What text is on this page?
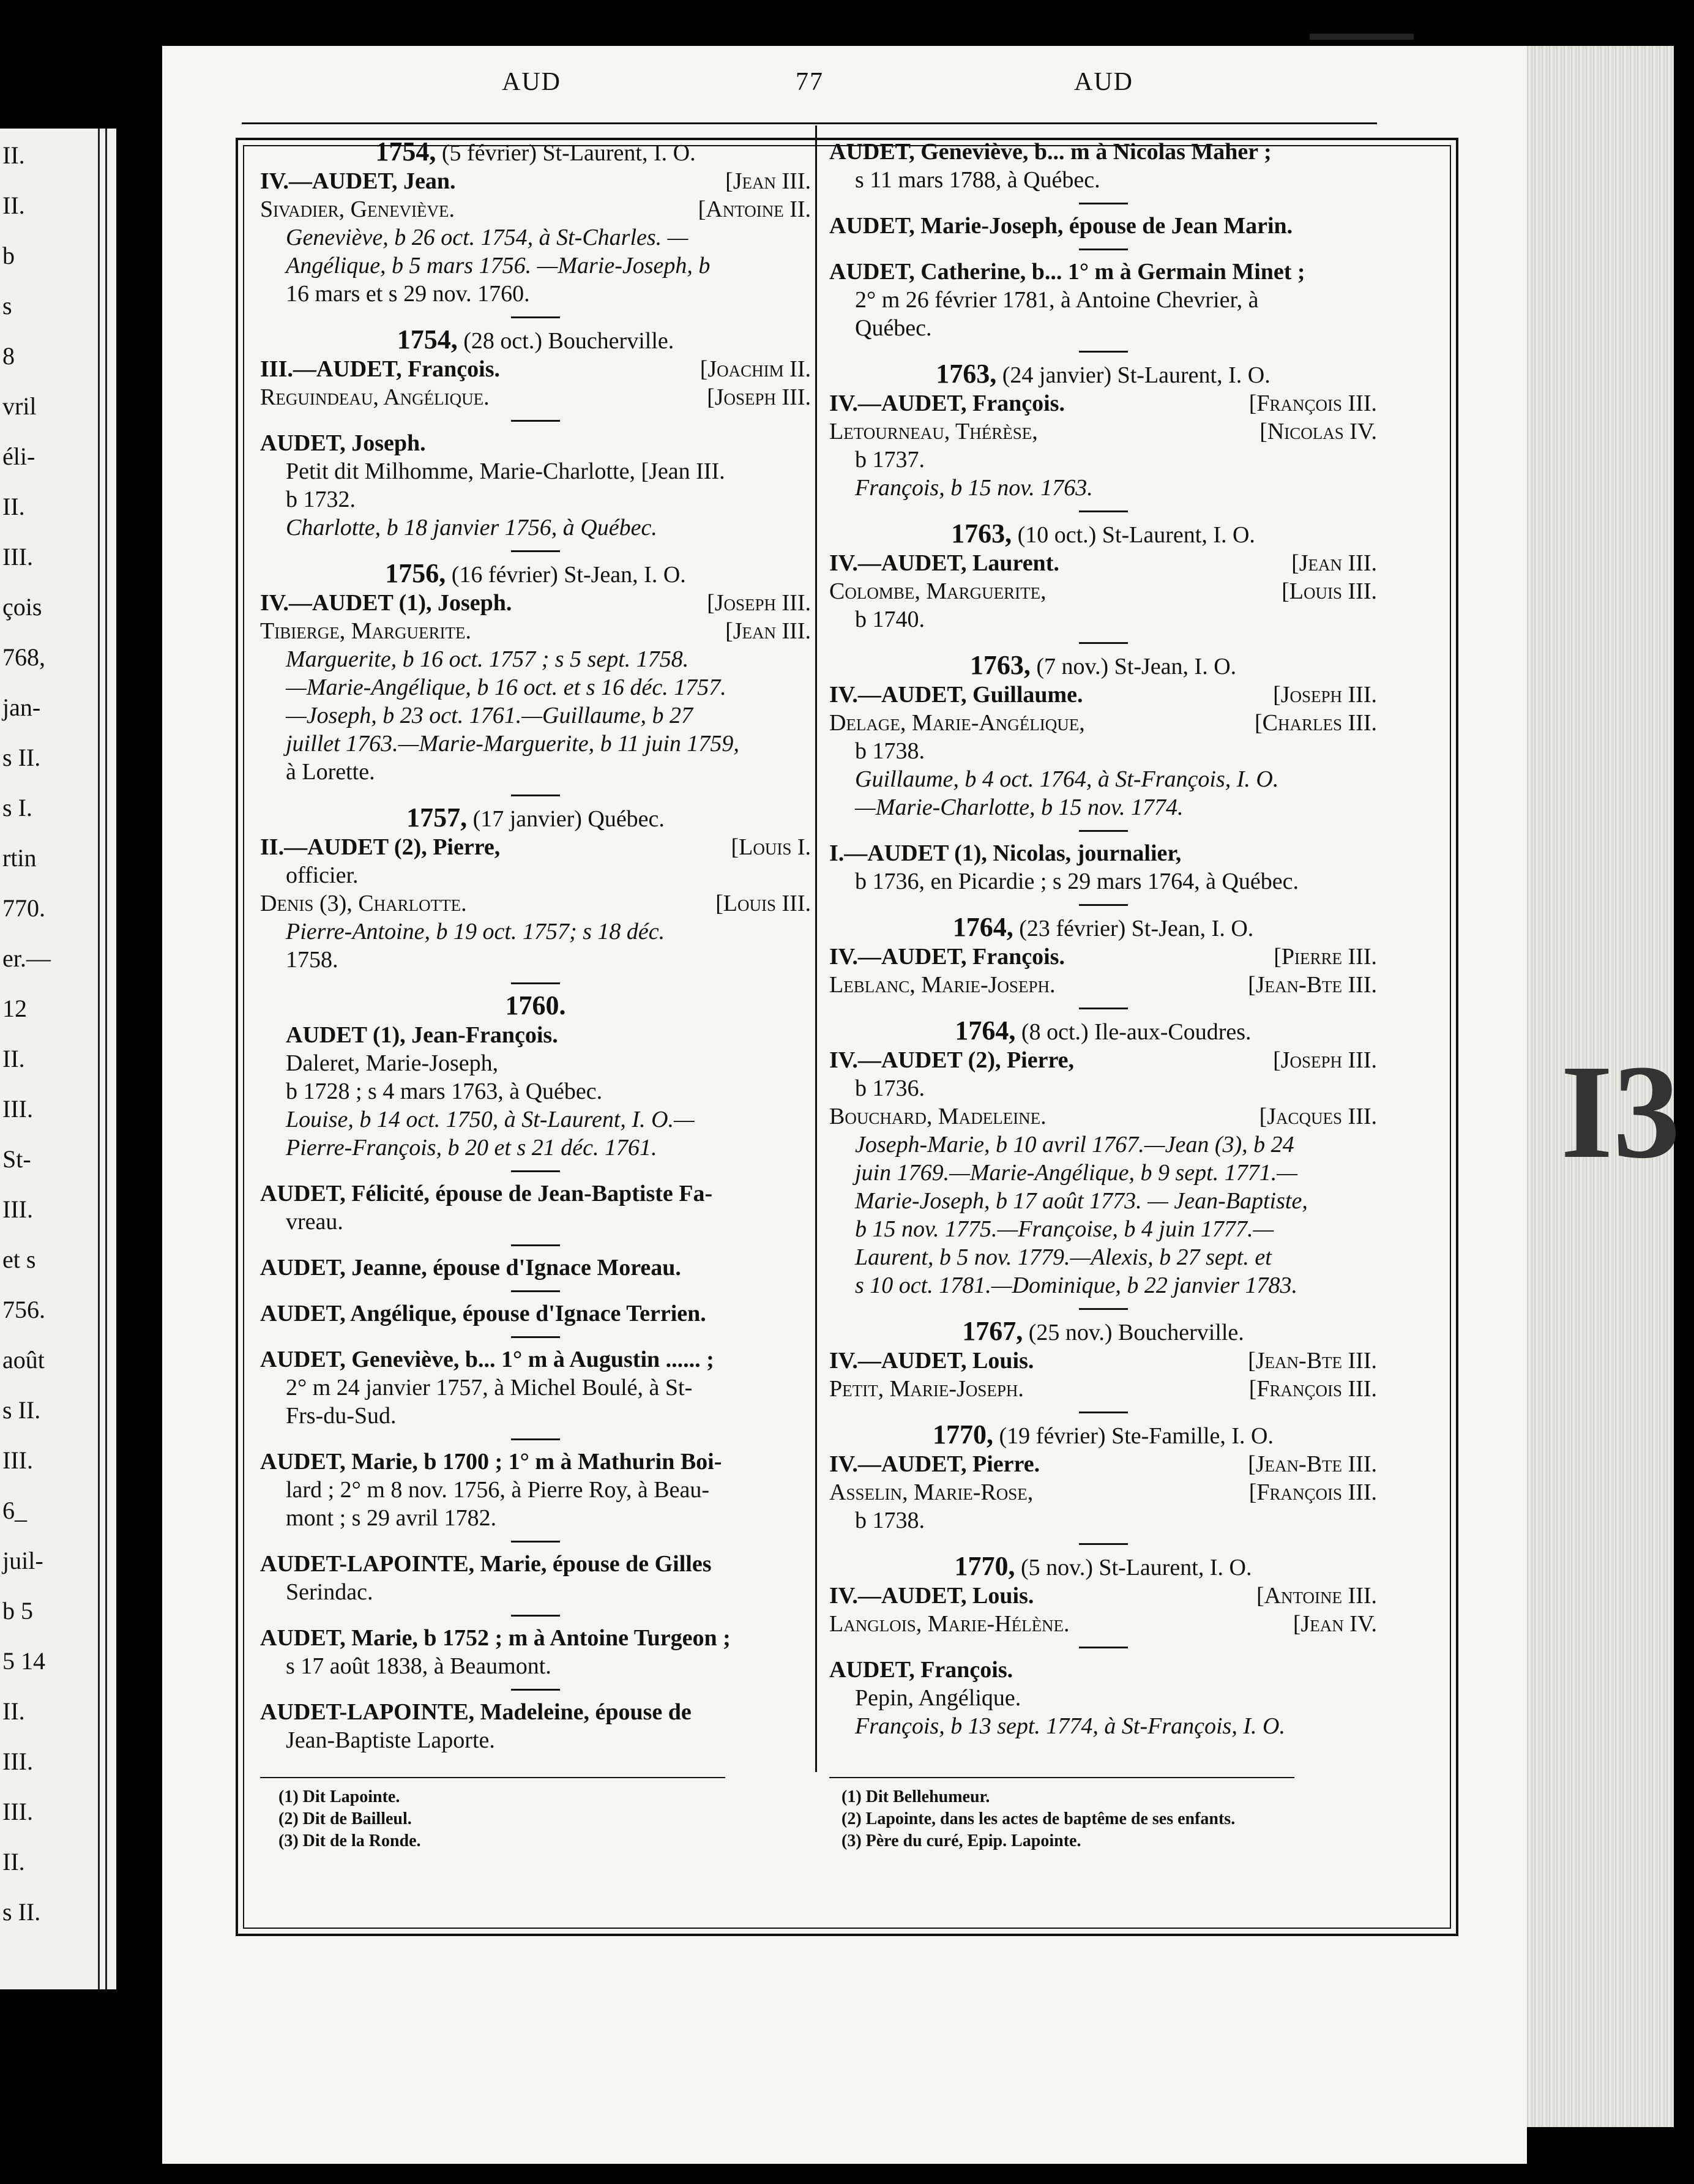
II.
II.
b
s
8
vril
éli-
II.
III.
çois
768,
jan-
s II.
s I.
rtin
770.
er.—
12
II.
III.
St-
III.
et s
756.
août
s II.
III.
6_
juil-
b 5
5 14
II.
III.
III.
II.
s II.
AUD	77	AUD

1754, (5 février) St-Laurent, I. O.

IV.—AUDET, Jean.	[Jean III.
Sivadier, Geneviève.	[Antoine II.

Geneviève, b 26 oct. 1754, à St-Charles. —

Angélique, b 5 mars 1756. —Marie-Joseph, b

16 mars et s 29 nov. 1760.

1754, (28 oct.) Boucherville.

III.—AUDET, François.	[Joachim II.
Reguindeau, Angélique.	[Joseph III.

AUDET, Joseph.

Petit dit Milhomme, Marie-Charlotte, [Jean III.

b 1732.

Charlotte, b 18 janvier 1756, à Québec.

1756, (16 février) St-Jean, I. O.

IV.—AUDET (1), Joseph.	[Joseph III.
Tibierge, Marguerite.	[Jean III.

Marguerite, b 16 oct. 1757 ; s 5 sept. 1758.

—Marie-Angélique, b 16 oct. et s 16 déc. 1757.

—Joseph, b 23 oct. 1761.—Guillaume, b 27

juillet 1763.—Marie-Marguerite, b 11 juin 1759,

à Lorette.

1757, (17 janvier) Québec.

II.—AUDET (2), Pierre,	[Louis I.

officier.

Denis (3), Charlotte.	[Louis III.

Pierre-Antoine, b 19 oct. 1757; s 18 déc.

1758.

1760.

AUDET (1), Jean-François.

Daleret, Marie-Joseph,

b 1728 ; s 4 mars 1763, à Québec.

Louise, b 14 oct. 1750, à St-Laurent, I. O.—

Pierre-François, b 20 et s 21 déc. 1761.

AUDET, Félicité, épouse de Jean-Baptiste Fa-

vreau.

AUDET, Jeanne, épouse d'Ignace Moreau.

AUDET, Angélique, épouse d'Ignace Terrien.

AUDET, Geneviève, b... 1° m à Augustin ...... ;

2° m 24 janvier 1757, à Michel Boulé, à St-

Frs-du-Sud.

AUDET, Marie, b 1700 ; 1° m à Mathurin Boi-

lard ; 2° m 8 nov. 1756, à Pierre Roy, à Beau-

mont ; s 29 avril 1782.

AUDET-LAPOINTE, Marie, épouse de Gilles

Serindac.

AUDET, Marie, b 1752 ; m à Antoine Turgeon ;

s 17 août 1838, à Beaumont.

AUDET-LAPOINTE, Madeleine, épouse de

Jean-Baptiste Laporte.

AUDET, Geneviève, b... m à Nicolas Maher ;

s 11 mars 1788, à Québec.

AUDET, Marie-Joseph, épouse de Jean Marin.

AUDET, Catherine, b... 1° m à Germain Minet ;

2° m 26 février 1781, à Antoine Chevrier, à

Québec.

1763, (24 janvier) St-Laurent, I. O.

IV.—AUDET, François.	[François III.
Letourneau, Thérèse,	[Nicolas IV.

b 1737.

François, b 15 nov. 1763.

1763, (10 oct.) St-Laurent, I. O.

IV.—AUDET, Laurent.	[Jean III.
Colombe, Marguerite,	[Louis III.

b 1740.

1763, (7 nov.) St-Jean, I. O.

IV.—AUDET, Guillaume.	[Joseph III.
Delage, Marie-Angélique,	[Charles III.

b 1738.

Guillaume, b 4 oct. 1764, à St-François, I. O.

—Marie-Charlotte, b 15 nov. 1774.

I.—AUDET (1), Nicolas, journalier,

b 1736, en Picardie ; s 29 mars 1764, à Québec.

1764, (23 février) St-Jean, I. O.

IV.—AUDET, François.	[Pierre III.
Leblanc, Marie-Joseph.	[Jean-Bte III.

1764, (8 oct.) Ile-aux-Coudres.

IV.—AUDET (2), Pierre,	[Joseph III.

b 1736.

Bouchard, Madeleine.	[Jacques III.

Joseph-Marie, b 10 avril 1767.—Jean (3), b 24

juin 1769.—Marie-Angélique, b 9 sept. 1771.—

Marie-Joseph, b 17 août 1773. — Jean-Baptiste,

b 15 nov. 1775.—Françoise, b 4 juin 1777.—

Laurent, b 5 nov. 1779.—Alexis, b 27 sept. et

s 10 oct. 1781.—Dominique, b 22 janvier 1783.

1767, (25 nov.) Boucherville.

IV.—AUDET, Louis.	[Jean-Bte III.
Petit, Marie-Joseph.	[François III.

1770, (19 février) Ste-Famille, I. O.

IV.—AUDET, Pierre.	[Jean-Bte III.
Asselin, Marie-Rose,	[François III.

b 1738.

1770, (5 nov.) St-Laurent, I. O.

IV.—AUDET, Louis.	[Antoine III.
Langlois, Marie-Hélène.	[Jean IV.

AUDET, François.

Pepin, Angélique.

François, b 13 sept. 1774, à St-François, I. O.

(1) Dit Lapointe.

(2) Dit de Bailleul.

(3) Dit de la Ronde.

(1) Dit Bellehumeur.

(2) Lapointe, dans les actes de baptême de ses enfants.

(3) Père du curé, Epip. Lapointe.

I3
